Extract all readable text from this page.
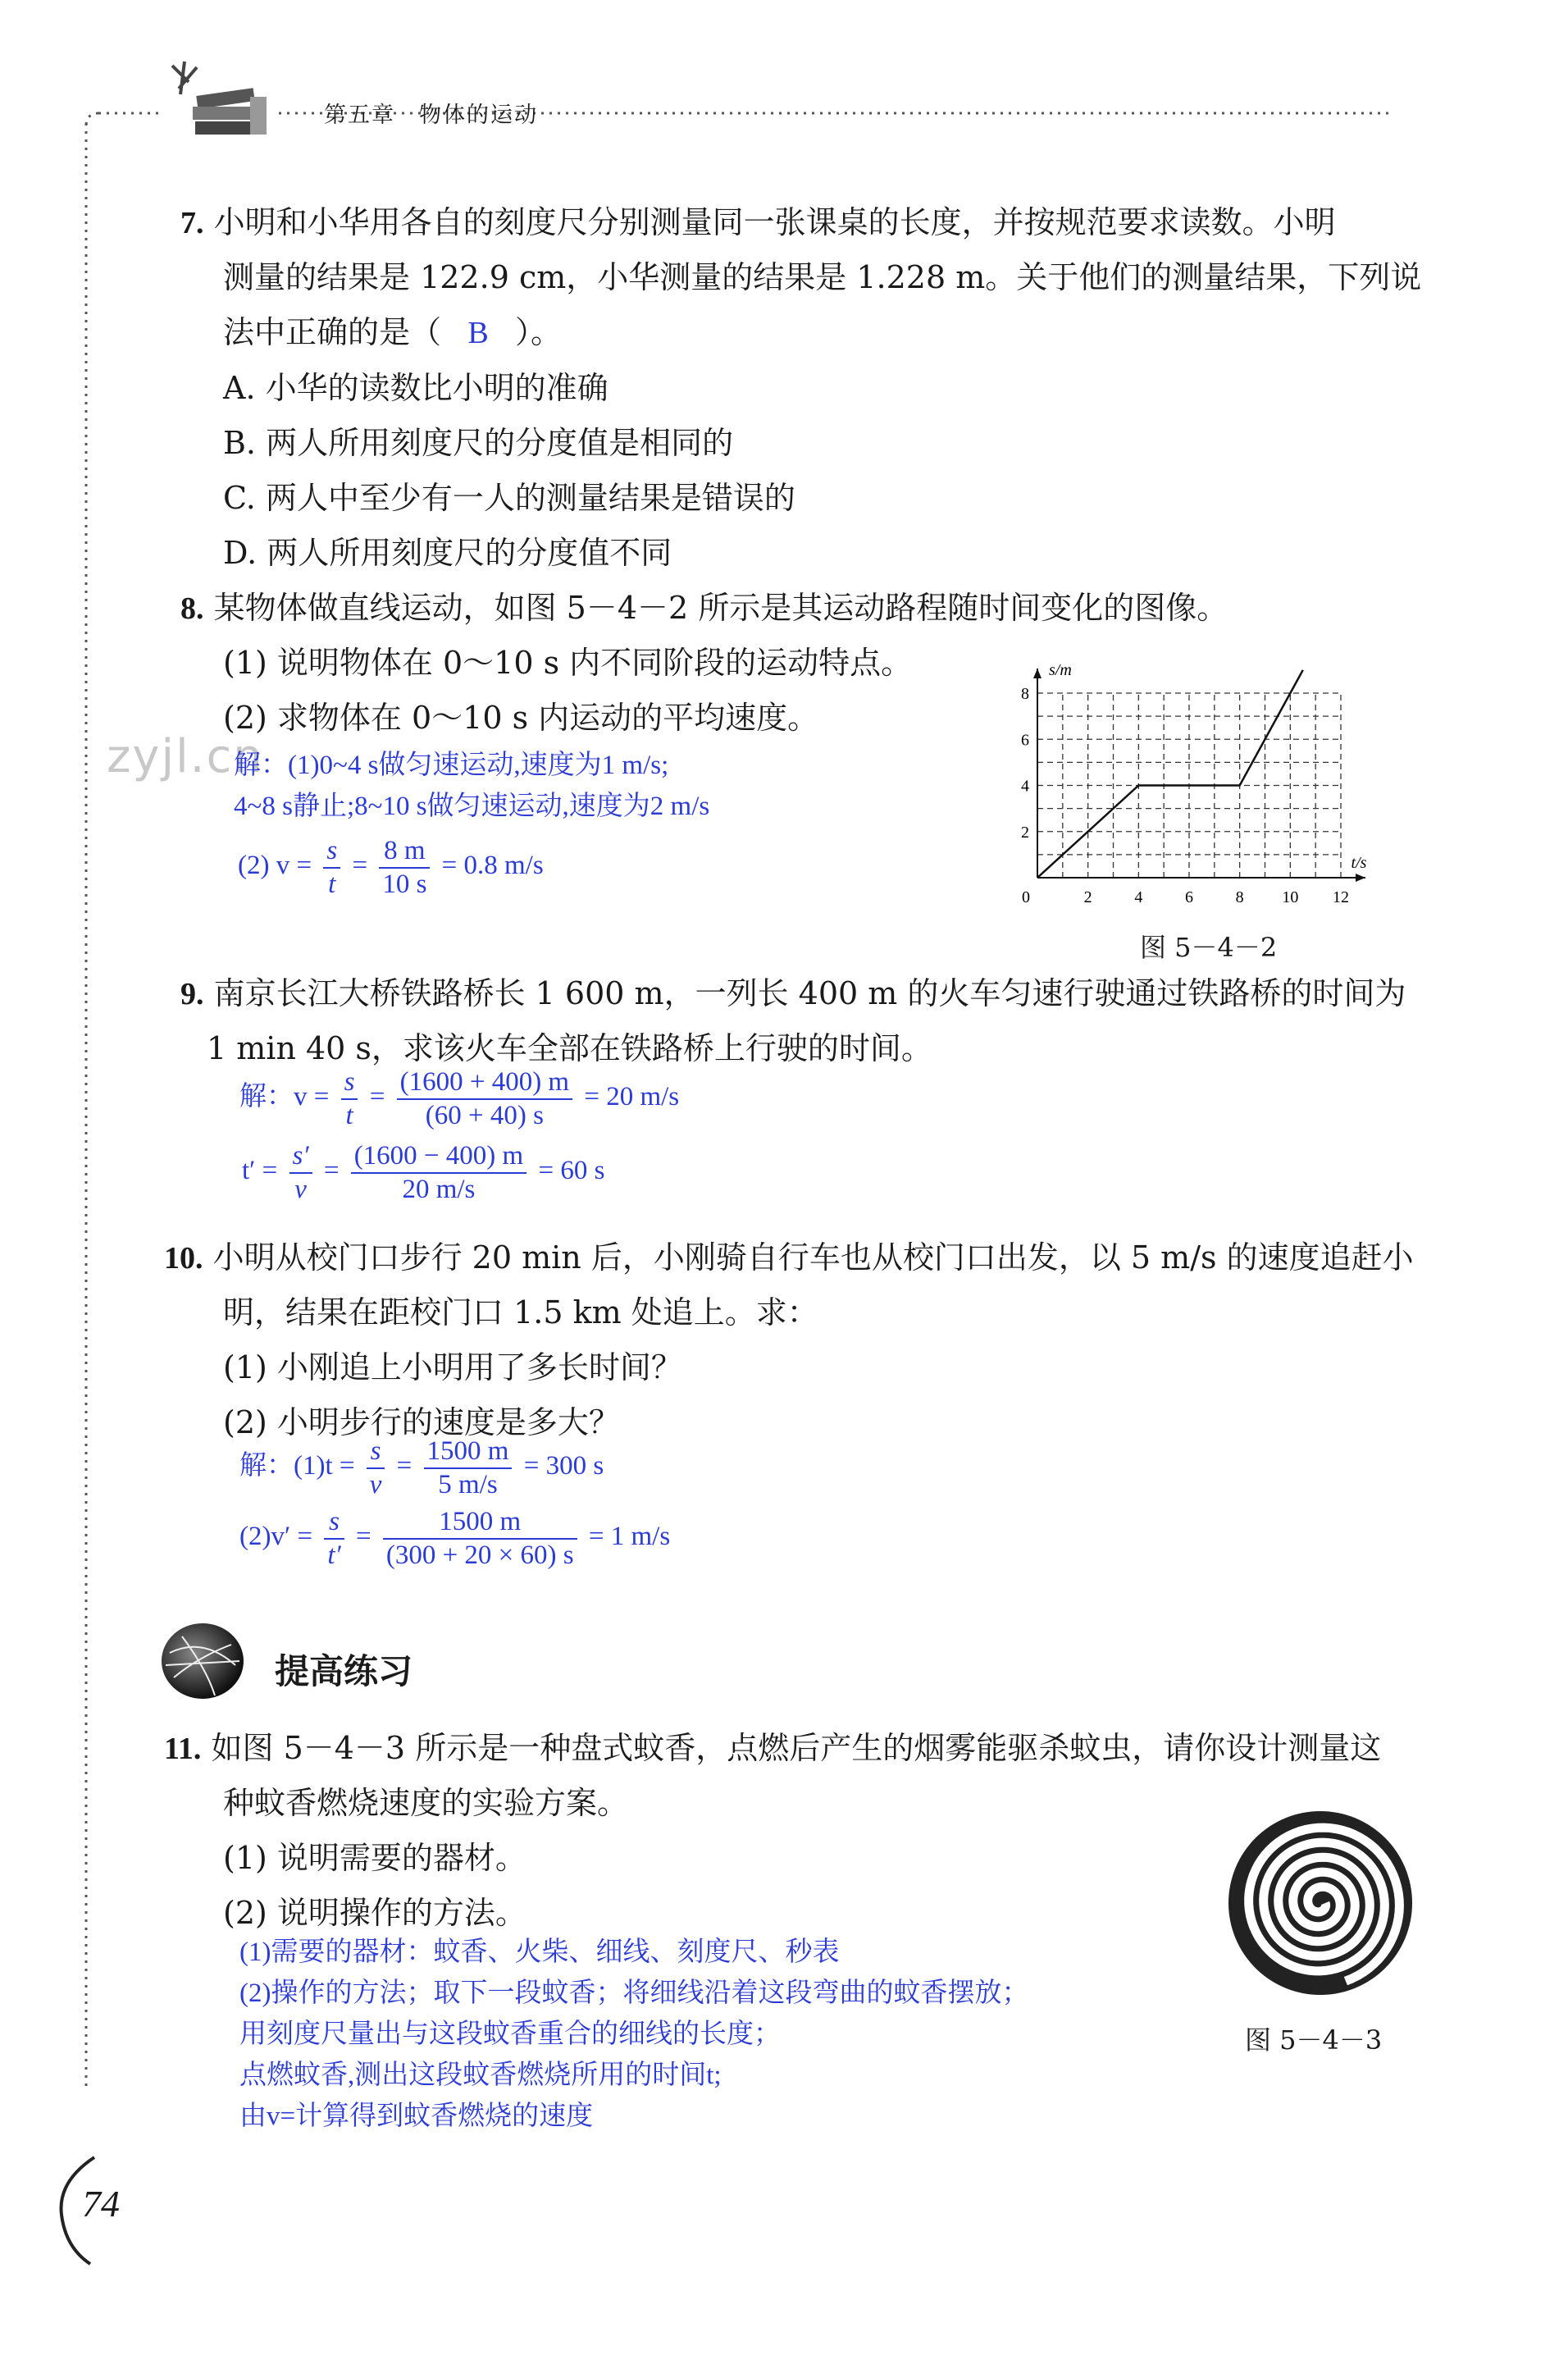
第五章　物体的运动
7. 小明和小华用各自的刻度尺分别测量同一张课桌的长度，并按规范要求读数。小明
测量的结果是 122.9 cm，小华测量的结果是 1.228 m。关于他们的测量结果，下列说
法中正确的是（ B ）。
A. 小华的读数比小明的准确
B. 两人所用刻度尺的分度值是相同的
C. 两人中至少有一人的测量结果是错误的
D. 两人所用刻度尺的分度值不同
8. 某物体做直线运动，如图 5－4－2 所示是其运动路程随时间变化的图像。
(1) 说明物体在 0～10 s 内不同阶段的运动特点。
(2) 求物体在 0～10 s 内运动的平均速度。
zyjl.cn
解：(1)0~4 s做匀速运动,速度为1 m/s;
4~8 s静止;8~10 s做匀速运动,速度为2 m/s
(2) $v = \frac{s}{t} = \frac{8 m}{10 s} = 0.8$ m/s
0	2	4	6	8 10 12
2
4
6
8
t/s
s/m
图 5－4－2
9. 南京长江大桥铁路桥长 1 600 m，一列长 400 m 的火车匀速行驶通过铁路桥的时间为
1 min 40 s，求该火车全部在铁路桥上行驶的时间。
解：$v = \frac{s}{t} = \frac{(1600 + 400) m}{(60 + 40) s} = 20$ m/s
$t' = \frac{s'}{v} = \frac{(1600 - 400) m}{20 m/s} = 60$ s
10. 小明从校门口步行 20 min 后，小刚骑自行车也从校门口出发，以 5 m/s 的速度追赶小
明，结果在距校门口 1.5 km 处追上。求：
(1) 小刚追上小明用了多长时间？
(2) 小明步行的速度是多大？
解：$(1)t = \frac{s}{v} = \frac{1500 m}{5 m/s} = 300$ s
$(2)v' = \frac{s}{t'} = \frac{1500 m}{(300 + 20 \times 60) s} = 1$ m/s
提高练习
11. 如图 5－4－3 所示是一种盘式蚊香，点燃后产生的烟雾能驱杀蚊虫，请你设计测量这
种蚊香燃烧速度的实验方案。
(1) 说明需要的器材。
(2) 说明操作的方法。
(1)需要的器材：蚊香、火柴、细线、刻度尺、秒表
(2)操作的方法；取下一段蚊香；将细线沿着这段弯曲的蚊香摆放；
用刻度尺量出与这段蚊香重合的细线的长度；
点燃蚊香,测出这段蚊香燃烧所用的时间t;
由v=计算得到蚊香燃烧的速度
图 5－4－3
74
